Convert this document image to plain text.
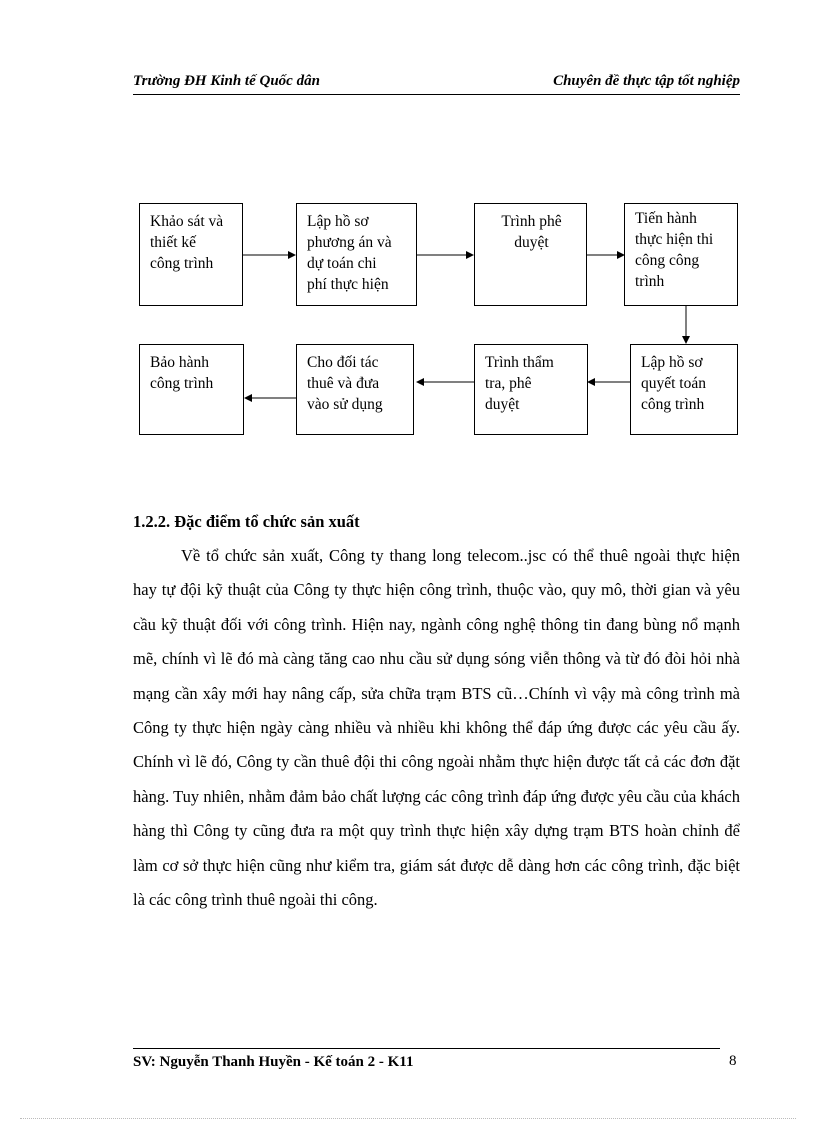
Trường ĐH Kinh tế Quốc dân	Chuyên đề thực tập tốt nghiệp
Khảo sát và
thiết kế
công trình
Lập hồ sơ
phương án và
dự toán chi
phí thực hiện
Trình phê
duyệt
Tiến hành
thực hiện thi
công công
trình
Lập hồ sơ
quyết toán
công trình
Trình thẩm
tra, phê
duyệt
Cho đối tác
thuê và đưa
vào sử dụng
Bảo hành
công trình
1.2.2. Đặc điểm tổ chức sản xuất

Về tổ chức sản xuất, Công ty thang long telecom..jsc có thể thuê ngoài thực hiện hay tự đội kỹ thuật của Công ty thực hiện công trình, thuộc vào, quy mô, thời gian và yêu cầu kỹ thuật đối với công trình. Hiện nay, ngành công nghệ thông tin đang bùng nổ mạnh mẽ, chính vì lẽ đó mà càng tăng cao nhu cầu sử dụng sóng viễn thông và từ đó đòi hỏi nhà mạng cần xây mới hay nâng cấp, sửa chữa trạm BTS cũ…Chính vì vậy mà công trình mà Công ty thực hiện ngày càng nhiều và nhiều khi không thể đáp ứng được các yêu cầu ấy. Chính vì lẽ đó, Công ty cần thuê đội thi công ngoài nhằm thực hiện được tất cả các đơn đặt hàng. Tuy nhiên, nhằm đảm bảo chất lượng các công trình đáp ứng được yêu cầu của khách hàng thì Công ty cũng đưa ra một quy trình thực hiện xây dựng trạm BTS hoàn chỉnh để làm cơ sở thực hiện cũng như kiểm tra, giám sát được dễ dàng hơn các công trình, đặc biệt là các công trình thuê ngoài thi công.

SV: Nguyễn Thanh Huyền - Kế toán 2 - K11	8
